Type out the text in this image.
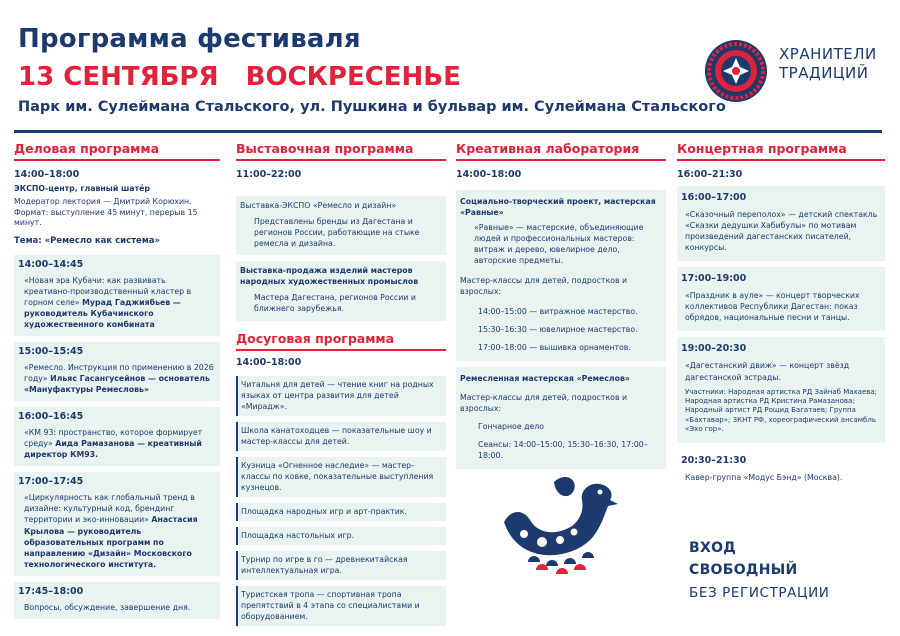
Программа фестиваля
13 СЕНТЯБРЯ   ВОСКРЕСЕНЬЕ
Парк им. Сулеймана Стальского, ул. Пушкина и бульвар им. Сулеймана Стальского
ХРАНИТЕЛИ
ТРАДИЦИЙ
Деловая программа
14:00–18:00
ЭКСПО-центр, главный шатёр
Модератор лектория — Дмитрий Корюхин.
Формат: выступление 45 минут, перерыв 15 минут.
Тема: «Ремесло как система»
14:00–14:45
«Новая эра Кубачи: как развивать креативно-производственный кластер в горном селе» Мурад Гаджиябьев — руководитель Кубачинского художественного комбината
15:00–15:45
«Ремесло. Инструкция по применению в 2026 году» Ильяс Гасангусейнов — основатель «Мануфактуры Ремесловь»
16:00–16:45
«КМ 93: пространство, которое формирует среду» Аида Рамазанова — креативный директор КМ93.
17:00–17:45
«Циркулярность как глобальный тренд в дизайне: культурный код, брендинг территории и эко-инновации» Анастасия Крылова — руководитель образовательных программ по направлению «Дизайн» Московского технологического института.
17:45–18:00
Вопросы, обсуждение, завершение дня.
Выставочная программа
11:00–22:00
Выставка-ЭКСПО «Ремесло и дизайн»
Представлены бренды из Дагестана и регионов России, работающие на стыке ремесла и дизайна.
Выставка-продажа изделий мастеров народных художественных промыслов
Мастера Дагестана, регионов России и ближнего зарубежья.
Досуговая программа
14:00–18:00
Читальня для детей — чтение книг на родных языках от центра развития для детей «Мирадж».
Школа канатоходцев — показательные шоу и мастер-классы для детей.
Кузница «Огненное наследие» — мастер-классы по ковке, показательные выступления кузнецов.
Площадка народных игр и арт-практик.
Площадка настольных игр.
Турнир по игре в го — древнекитайская интеллектуальная игра.
Туристская тропа — спортивная тропа препятствий в 4 этапа со специалистами и оборудованием.
Креативная лаборатория
14:00–18:00
Социально-творческий проект, мастерская «Равные»
«Равные» — мастерские, объединяющие людей и профессиональных мастеров: витраж и дерево, ювелирное дело, авторские предметы.
Мастер-классы для детей, подростков и взрослых:
14:00–15:00 — витражное мастерство.
15:30–16:30 — ювелирное мастерство.
17:00–18:00 — вышивка орнаментов.
Ремесленная мастерская «Ремеслов»
Мастер-классы для детей, подростков и взрослых:
Гончарное дело
Сеансы: 14:00–15:00, 15:30–16:30, 17:00–18:00.
Концертная программа
16:00–21:30
16:00–17:00
«Сказочный переполох» — детский спектакль «Сказки дедушки Хабибулы» по мотивам произведений дагестанских писателей, конкурсы.
17:00–19:00
«Праздник в ауле» — концерт творческих коллективов Республики Дагестан: показ обрядов, национальные песни и танцы.
19:00–20:30
«Дагестанский движ» — концерт звёзд дагестанской эстрады.
Участники: Народная артистка РД Зайнаб Махаева; Народная артистка РД Кристина Рамазанова; Народный артист РД Рощид Багатаев; Группа «Бахтавар»; ЗКНТ РФ, хореографический ансамбль «Эхо гор».
20:30–21:30
Кавер-группа «Модус Бэнд» (Москва).
ВХОД
СВОБОДНЫЙ
БЕЗ РЕГИСТРАЦИИ
